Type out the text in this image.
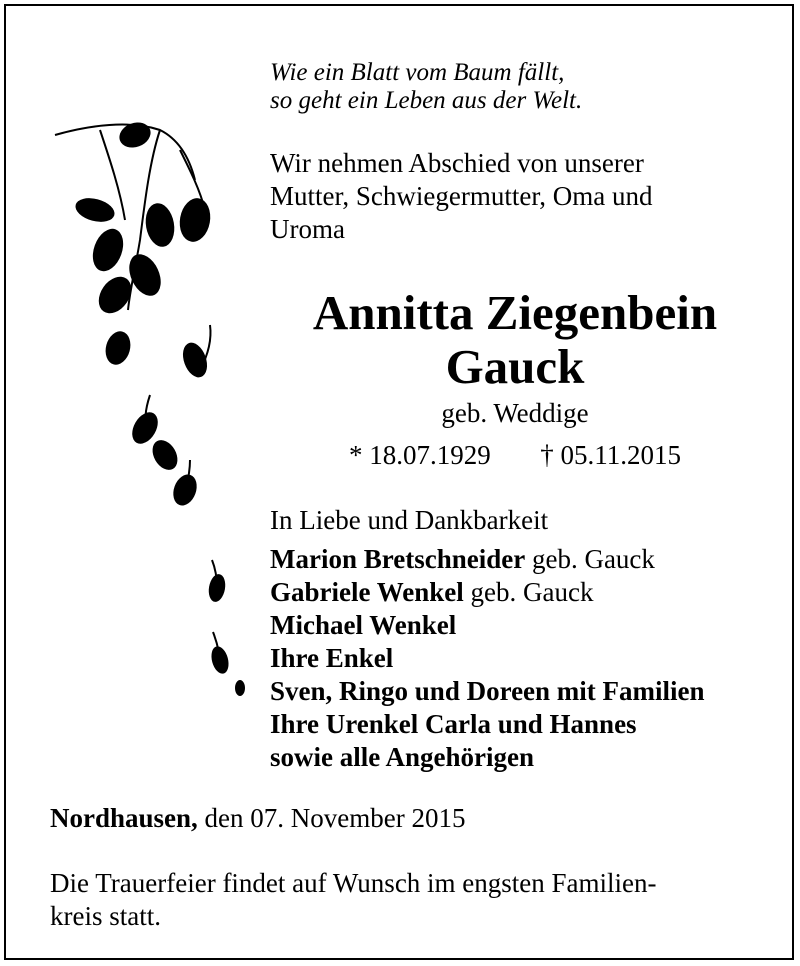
Wie ein Blatt vom Baum fällt,
so geht ein Leben aus der Welt.
Wir nehmen Abschied von unserer
Mutter, Schwiegermutter, Oma und
Uroma
Annitta Ziegenbein
Gauck
geb. Weddige
* 18.07.1929 † 05.11.2015
In Liebe und Dankbarkeit
Marion Bretschneider geb. Gauck
Gabriele Wenkel geb. Gauck
Michael Wenkel
Ihre Enkel
Sven, Ringo und Doreen mit Familien
Ihre Urenkel Carla und Hannes
sowie alle Angehörigen
Nordhausen, den 07. November 2015
Die Trauerfeier findet auf Wunsch im engsten Familien-
kreis statt.
